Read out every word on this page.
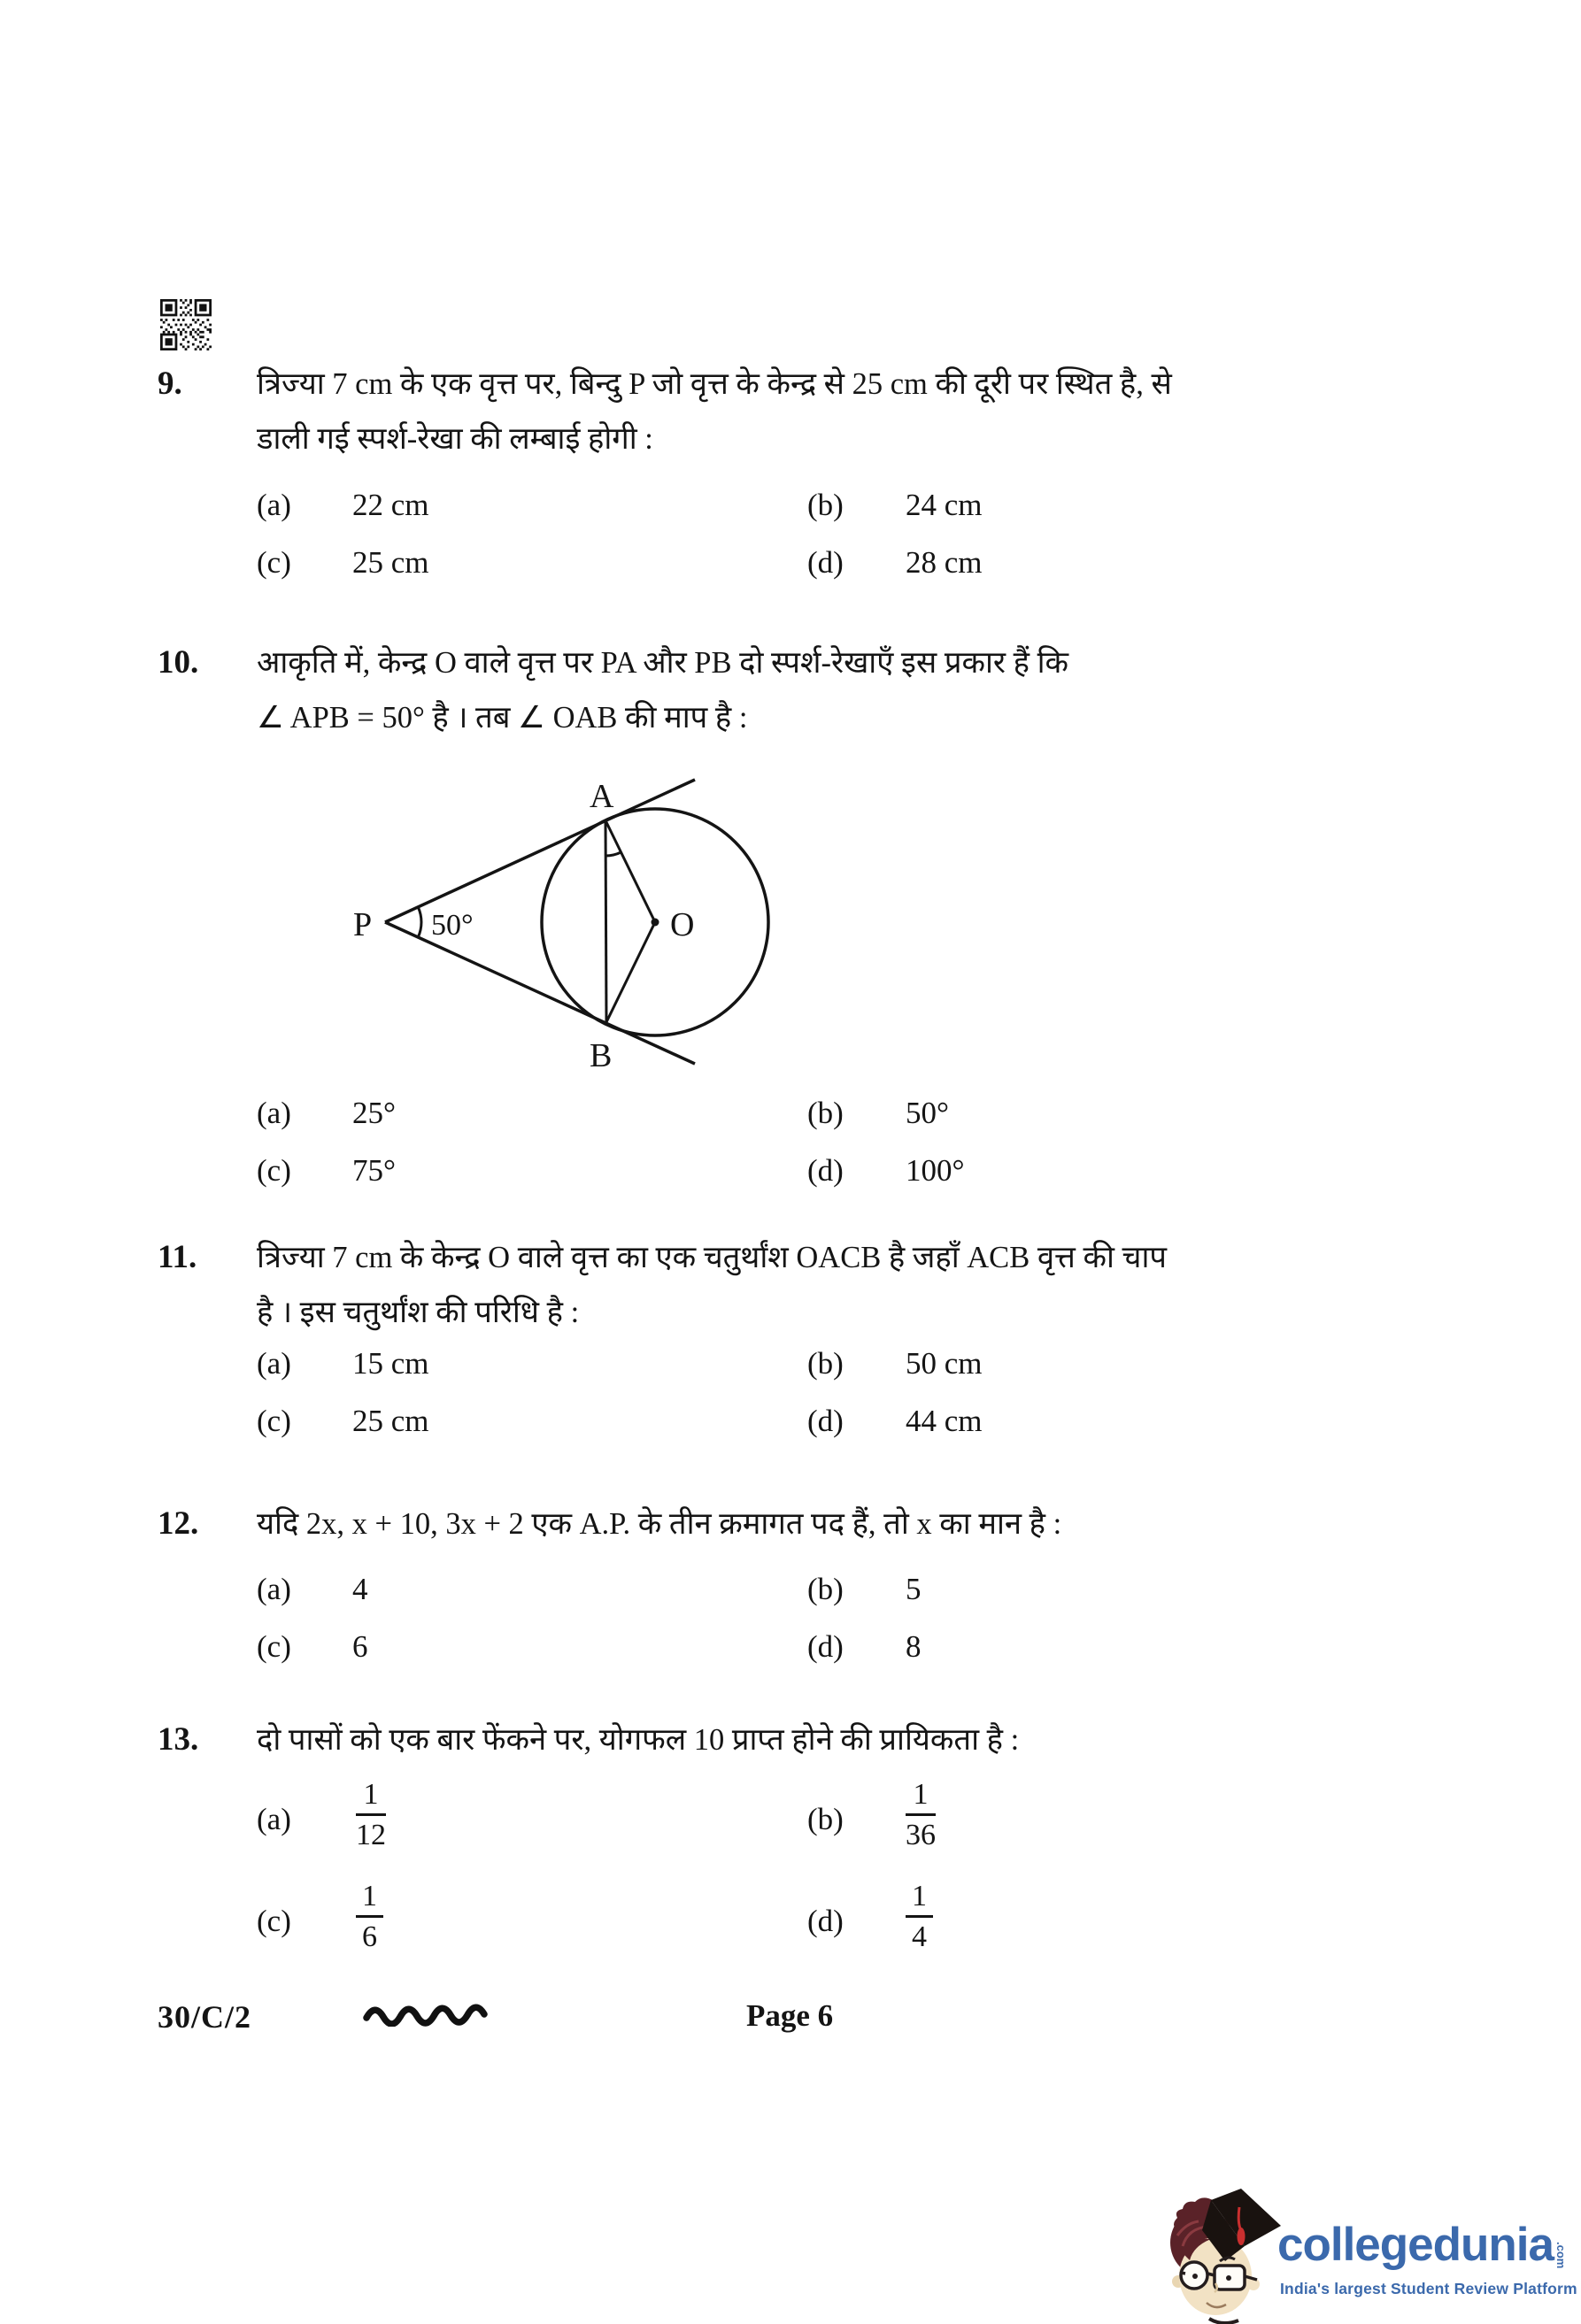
9. त्रिज्या 7 cm के एक वृत्त पर, बिन्दु P जो वृत्त के केन्द्र से 25 cm की दूरी पर स्थित है, से
डाली गई स्पर्श-रेखा की लम्बाई होगी :
(a) 22 cm	(b) 24 cm
(c) 25 cm	(d) 28 cm
10. आकृति में, केन्द्र O वाले वृत्त पर PA और PB दो स्पर्श-रेखाएँ इस प्रकार हैं कि
∠ APB = 50° है । तब ∠ OAB की माप है :
P
A
B
O
50°
(a) 25°	(b) 50°
(c) 75°	(d) 100°
11. त्रिज्या 7 cm के केन्द्र O वाले वृत्त का एक चतुर्थांश OACB है जहाँ ACB वृत्त की चाप
है । इस चतुर्थांश की परिधि है :
(a) 15 cm	(b) 50 cm
(c) 25 cm	(d) 44 cm
12. यदि 2x, x + 10, 3x + 2 एक A.P. के तीन क्रमागत पद हैं, तो x का मान है :
(a) 4	(b) 5
(c) 6	(d) 8
13. दो पासों को एक बार फेंकने पर, योगफल 10 प्राप्त होने की प्रायिकता है :
$(a) \frac{1}{12}$	$(b) \frac{1}{36}$
$(c) \frac{1}{6}$	$(d) \frac{1}{4}$
30/C/2	Page 6
collegedunia .com
India's largest Student Review Platform
